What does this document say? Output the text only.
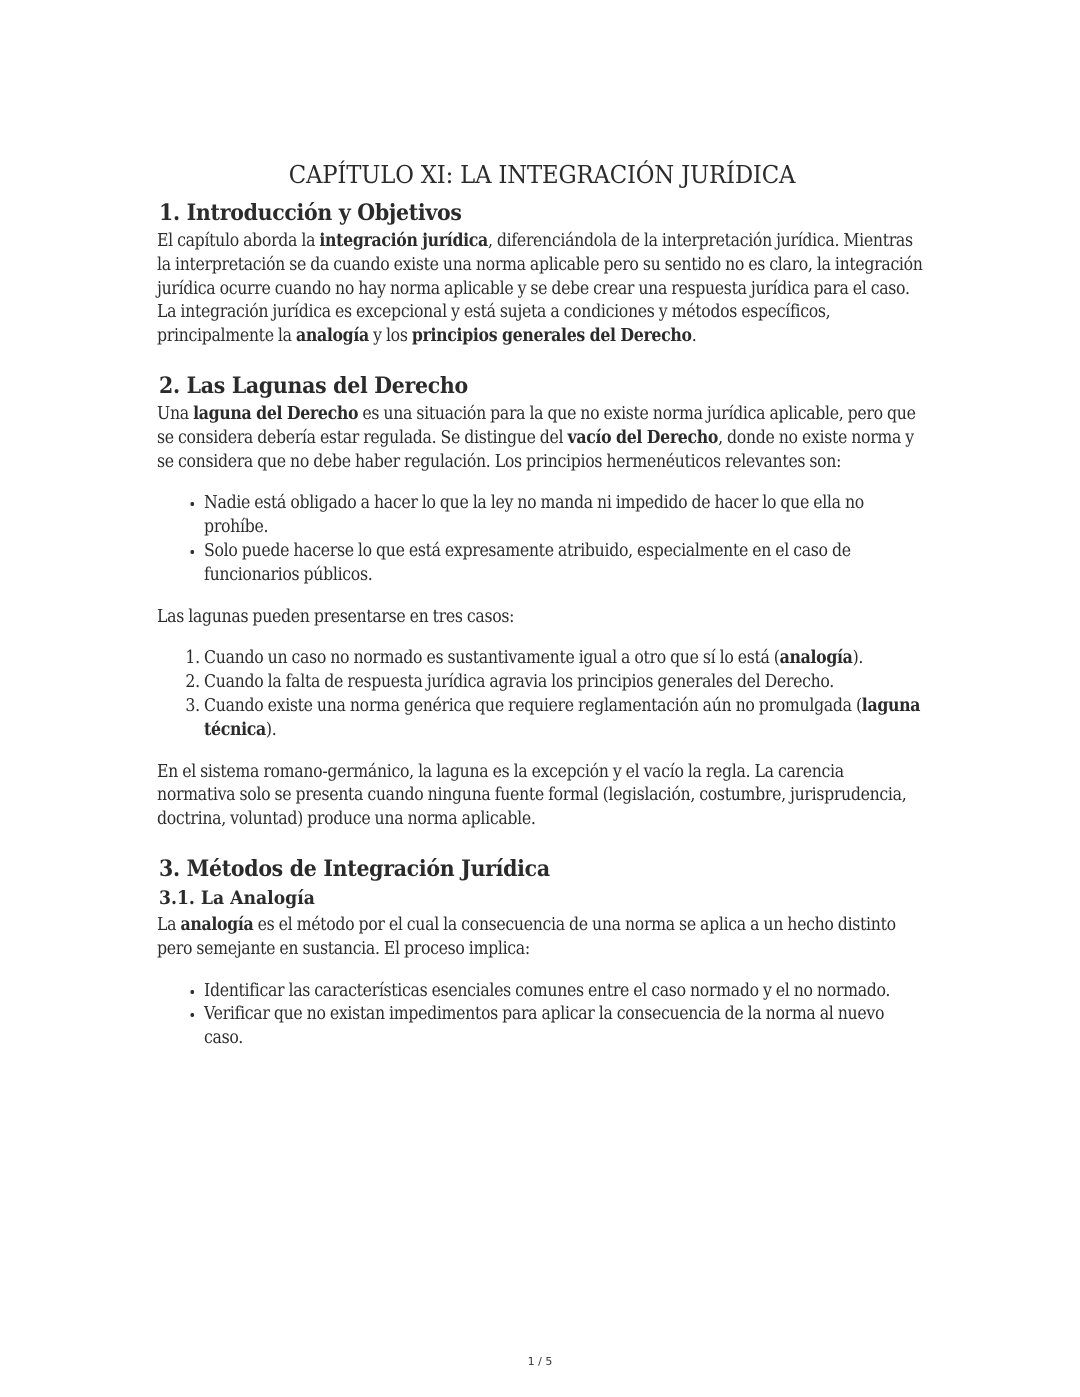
CAPÍTULO XI: LA INTEGRACIÓN JURÍDICA
1. Introducción y Objetivos

El capítulo aborda la integración jurídica, diferenciándola de la interpretación jurídica. Mientras la interpretación se da cuando existe una norma aplicable pero su sentido no es claro, la integración jurídica ocurre cuando no hay norma aplicable y se debe crear una respuesta jurídica para el caso. La integración jurídica es excepcional y está sujeta a condiciones y métodos específicos, principalmente la analogía y los principios generales del Derecho.

2. Las Lagunas del Derecho

Una laguna del Derecho es una situación para la que no existe norma jurídica aplicable, pero que se considera debería estar regulada. Se distingue del vacío del Derecho, donde no existe norma y se considera que no debe haber regulación. Los principios hermenéuticos relevantes son:

• Nadie está obligado a hacer lo que la ley no manda ni impedido de hacer lo que ella no prohíbe.
• Solo puede hacerse lo que está expresamente atribuido, especialmente en el caso de funcionarios públicos.

Las lagunas pueden presentarse en tres casos:

1. Cuando un caso no normado es sustantivamente igual a otro que sí lo está (analogía).
2. Cuando la falta de respuesta jurídica agravia los principios generales del Derecho.
3. Cuando existe una norma genérica que requiere reglamentación aún no promulgada (laguna técnica).

En el sistema romano-germánico, la laguna es la excepción y el vacío la regla. La carencia normativa solo se presenta cuando ninguna fuente formal (legislación, costumbre, jurisprudencia, doctrina, voluntad) produce una norma aplicable.

3. Métodos de Integración Jurídica
3.1. La Analogía

La analogía es el método por el cual la consecuencia de una norma se aplica a un hecho distinto pero semejante en sustancia. El proceso implica:

• Identificar las características esenciales comunes entre el caso normado y el no normado.
• Verificar que no existan impedimentos para aplicar la consecuencia de la norma al nuevo caso.
1 / 5
